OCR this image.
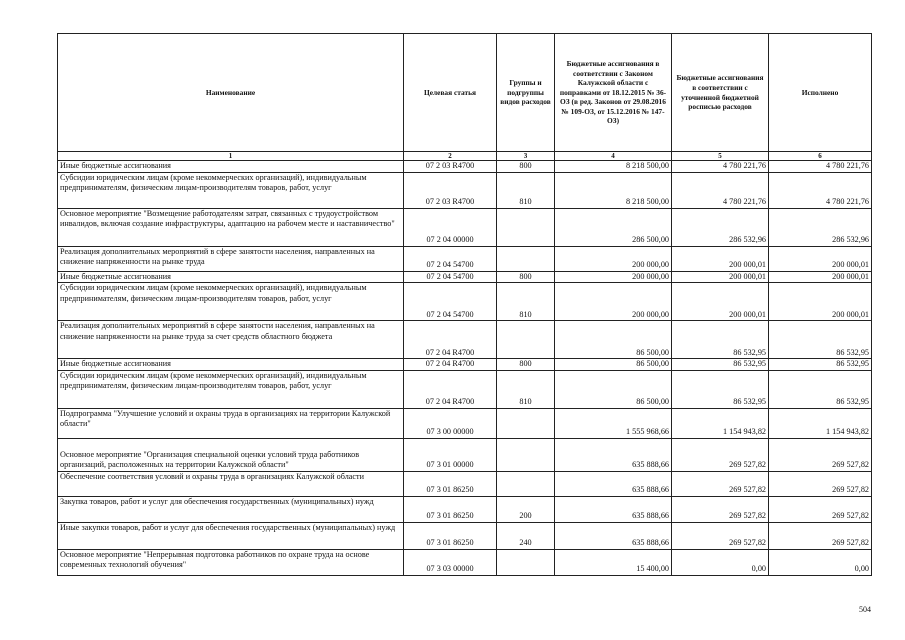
Наименование	Целевая статья	Группы и подгруппы видов расходов	Бюджетные ассигнования в соответствии с Законом Калужской области с поправками от 18.12.2015 № 36-ОЗ (в ред. Законов от 29.08.2016 № 109-ОЗ, от 15.12.2016 № 147-ОЗ)	Бюджетные ассигнования в соответствии с уточненной бюджетной росписью расходов	Исполнено
1	2	3	4	5	6
Иные бюджетные ассигнования	07 2 03 R4700	800	8 218 500,00	4 780 221,76	4 780 221,76
Субсидии юридическим лицам (кроме некоммерческих организаций), индивидуальным предпринимателям, физическим лицам-производителям товаров, работ, услуг	07 2 03 R4700	810	8 218 500,00	4 780 221,76	4 780 221,76
Основное мероприятие "Возмещение работодателям затрат, связанных с трудоустройством инвалидов, включая создание инфраструктуры, адаптацию на рабочем месте и наставничество"	07 2 04 00000		286 500,00	286 532,96	286 532,96
Реализация дополнительных мероприятий в сфере занятости населения, направленных на снижение напряженности на рынке труда	07 2 04 54700		200 000,00	200 000,01	200 000,01
Иные бюджетные ассигнования	07 2 04 54700	800	200 000,00	200 000,01	200 000,01
Субсидии юридическим лицам (кроме некоммерческих организаций), индивидуальным предпринимателям, физическим лицам-производителям товаров, работ, услуг	07 2 04 54700	810	200 000,00	200 000,01	200 000,01
Реализация дополнительных мероприятий в сфере занятости населения, направленных на снижение напряженности на рынке труда за счет средств областного бюджета	07 2 04 R4700		86 500,00	86 532,95	86 532,95
Иные бюджетные ассигнования	07 2 04 R4700	800	86 500,00	86 532,95	86 532,95
Субсидии юридическим лицам (кроме некоммерческих организаций), индивидуальным предпринимателям, физическим лицам-производителям товаров, работ, услуг	07 2 04 R4700	810	86 500,00	86 532,95	86 532,95
Подпрограмма "Улучшение условий и охраны труда в организациях на территории Калужской области"	07 3 00 00000		1 555 968,66	1 154 943,82	1 154 943,82
Основное мероприятие "Организация специальной оценки условий труда работников организаций, расположенных на территории Калужской области"	07 3 01 00000		635 888,66	269 527,82	269 527,82
Обеспечение соответствия условий и охраны труда в организациях Калужской области	07 3 01 86250		635 888,66	269 527,82	269 527,82
Закупка товаров, работ и услуг для обеспечения государственных (муниципальных) нужд	07 3 01 86250	200	635 888,66	269 527,82	269 527,82
Иные закупки товаров, работ и услуг для обеспечения государственных (муниципальных) нужд	07 3 01 86250	240	635 888,66	269 527,82	269 527,82
Основное мероприятие "Непрерывная подготовка работников по охране труда на основе современных технологий обучения"	07 3 03 00000		15 400,00	0,00	0,00
504
